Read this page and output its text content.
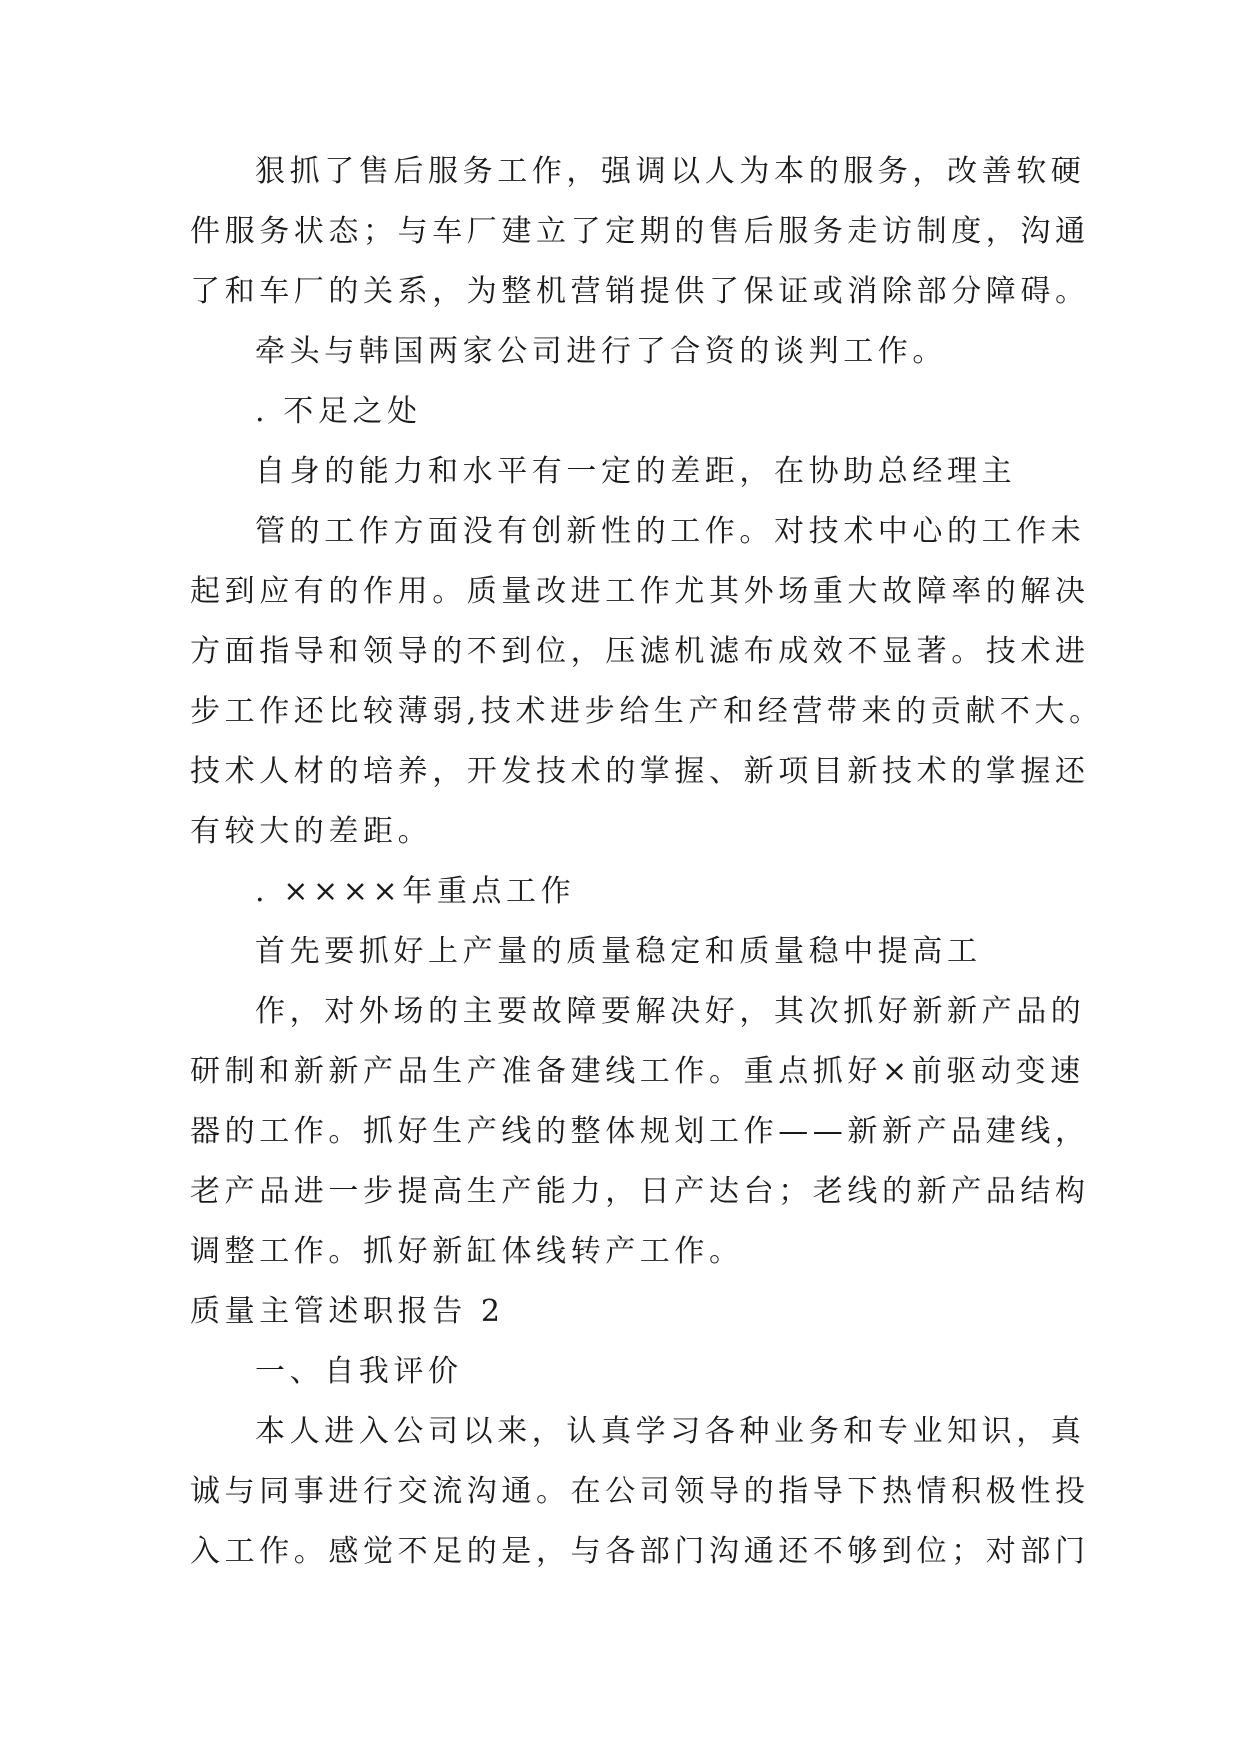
狠抓了售后服务工作，强调以人为本的服务，改善软硬
件服务状态；与车厂建立了定期的售后服务走访制度，沟通
了和车厂的关系，为整机营销提供了保证或消除部分障碍。
牵头与韩国两家公司进行了合资的谈判工作。
. 不足之处
自身的能力和水平有一定的差距，在协助总经理主
管的工作方面没有创新性的工作。对技术中心的工作未
起到应有的作用。质量改进工作尤其外场重大故障率的解决
方面指导和领导的不到位，压滤机滤布成效不显著。技术进
步工作还比较薄弱,技术进步给生产和经营带来的贡献不大。
技术人材的培养，开发技术的掌握、新项目新技术的掌握还
有较大的差距。
. ××××年重点工作
首先要抓好上产量的质量稳定和质量稳中提高工
作，对外场的主要故障要解决好，其次抓好新新产品的
研制和新新产品生产准备建线工作。重点抓好×前驱动变速
器的工作。抓好生产线的整体规划工作——新新产品建线，
老产品进一步提高生产能力，日产达台；老线的新产品结构
调整工作。抓好新缸体线转产工作。
质量主管述职报告 2
一、自我评价
本人进入公司以来，认真学习各种业务和专业知识，真
诚与同事进行交流沟通。在公司领导的指导下热情积极性投
入工作。感觉不足的是，与各部门沟通还不够到位；对部门
